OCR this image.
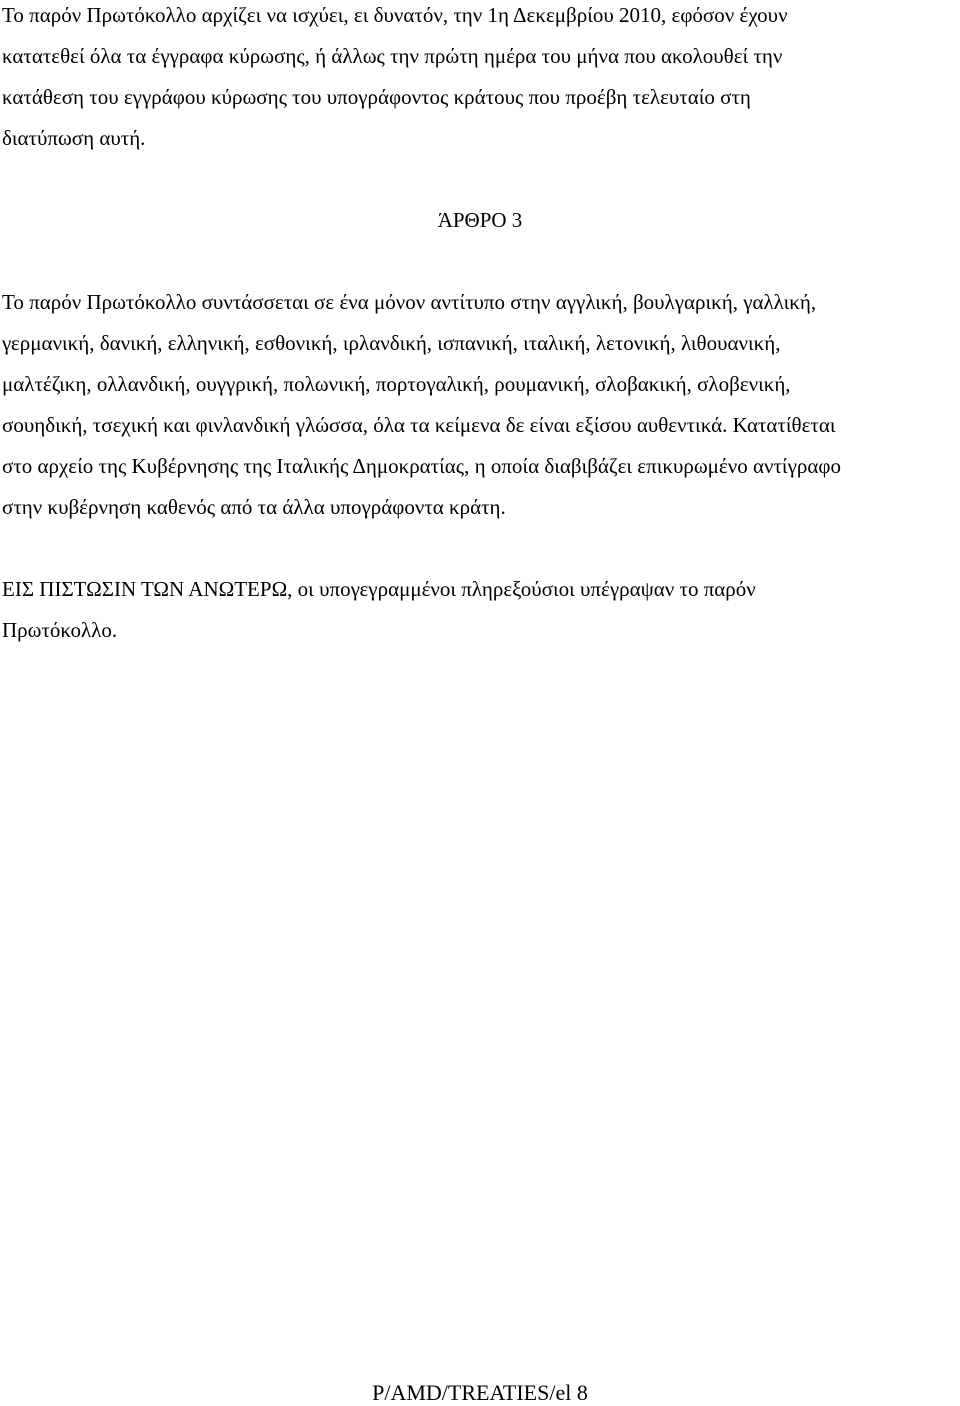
Το παρόν Πρωτόκολλο αρχίζει να ισχύει, ει δυνατόν, την 1η Δεκεμβρίου 2010, εφόσον έχουν
κατατεθεί όλα τα έγγραφα κύρωσης, ή άλλως την πρώτη ημέρα του μήνα που ακολουθεί την
κατάθεση του εγγράφου κύρωσης του υπογράφοντος κράτους που προέβη τελευταίο στη
διατύπωση αυτή.
ΆΡΘΡΟ 3
Το παρόν Πρωτόκολλο συντάσσεται σε ένα μόνον αντίτυπο στην αγγλική, βουλγαρική, γαλλική,
γερμανική, δανική, ελληνική, εσθονική, ιρλανδική, ισπανική, ιταλική, λετονική, λιθουανική,
μαλτέζικη, ολλανδική, ουγγρική, πολωνική, πορτογαλική, ρουμανική, σλοβακική, σλοβενική,
σουηδική, τσεχική και φινλανδική γλώσσα, όλα τα κείμενα δε είναι εξίσου αυθεντικά. Κατατίθεται
στο αρχείο της Κυβέρνησης της Ιταλικής Δημοκρατίας, η οποία διαβιβάζει επικυρωμένο αντίγραφο
στην κυβέρνηση καθενός από τα άλλα υπογράφοντα κράτη.
ΕΙΣ ΠΙΣΤΩΣΙΝ ΤΩΝ ΑΝΩΤΕΡΩ, οι υπογεγραμμένοι πληρεξούσιοι υπέγραψαν το παρόν
Πρωτόκολλο.
P/AMD/TREATIES/el 8
